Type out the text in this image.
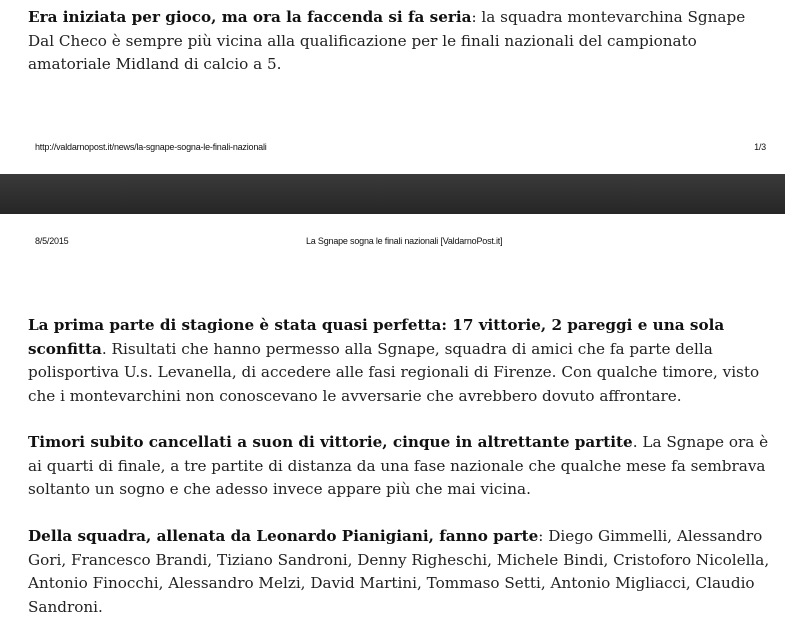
Era iniziata per gioco, ma ora la faccenda si fa seria: la squadra montevarchina Sgnape Dal Checo è sempre più vicina alla qualificazione per le finali nazionali del campionato amatoriale Midland di calcio a 5.

http://valdarnopost.it/news/la-sgnape-sogna-le-finali-nazionali	1/3
8/5/2015	La Sgnape sogna le finali nazionali [ValdarnoPost.it]

La prima parte di stagione è stata quasi perfetta: 17 vittorie, 2 pareggi e una sola sconfitta. Risultati che hanno permesso alla Sgnape, squadra di amici che fa parte della polisportiva U.s. Levanella, di accedere alle fasi regionali di Firenze. Con qualche timore, visto che i montevarchini non conoscevano le avversarie che avrebbero dovuto affrontare.

Timori subito cancellati a suon di vittorie, cinque in altrettante partite. La Sgnape ora è ai quarti di finale, a tre partite di distanza da una fase nazionale che qualche mese fa sembrava soltanto un sogno e che adesso invece appare più che mai vicina.

Della squadra, allenata da Leonardo Pianigiani, fanno parte: Diego Gimmelli, Alessandro Gori, Francesco Brandi, Tiziano Sandroni, Denny Righeschi, Michele Bindi, Cristoforo Nicolella, Antonio Finocchi, Alessandro Melzi, David Martini, Tommaso Setti, Antonio Migliacci, Claudio Sandroni.
